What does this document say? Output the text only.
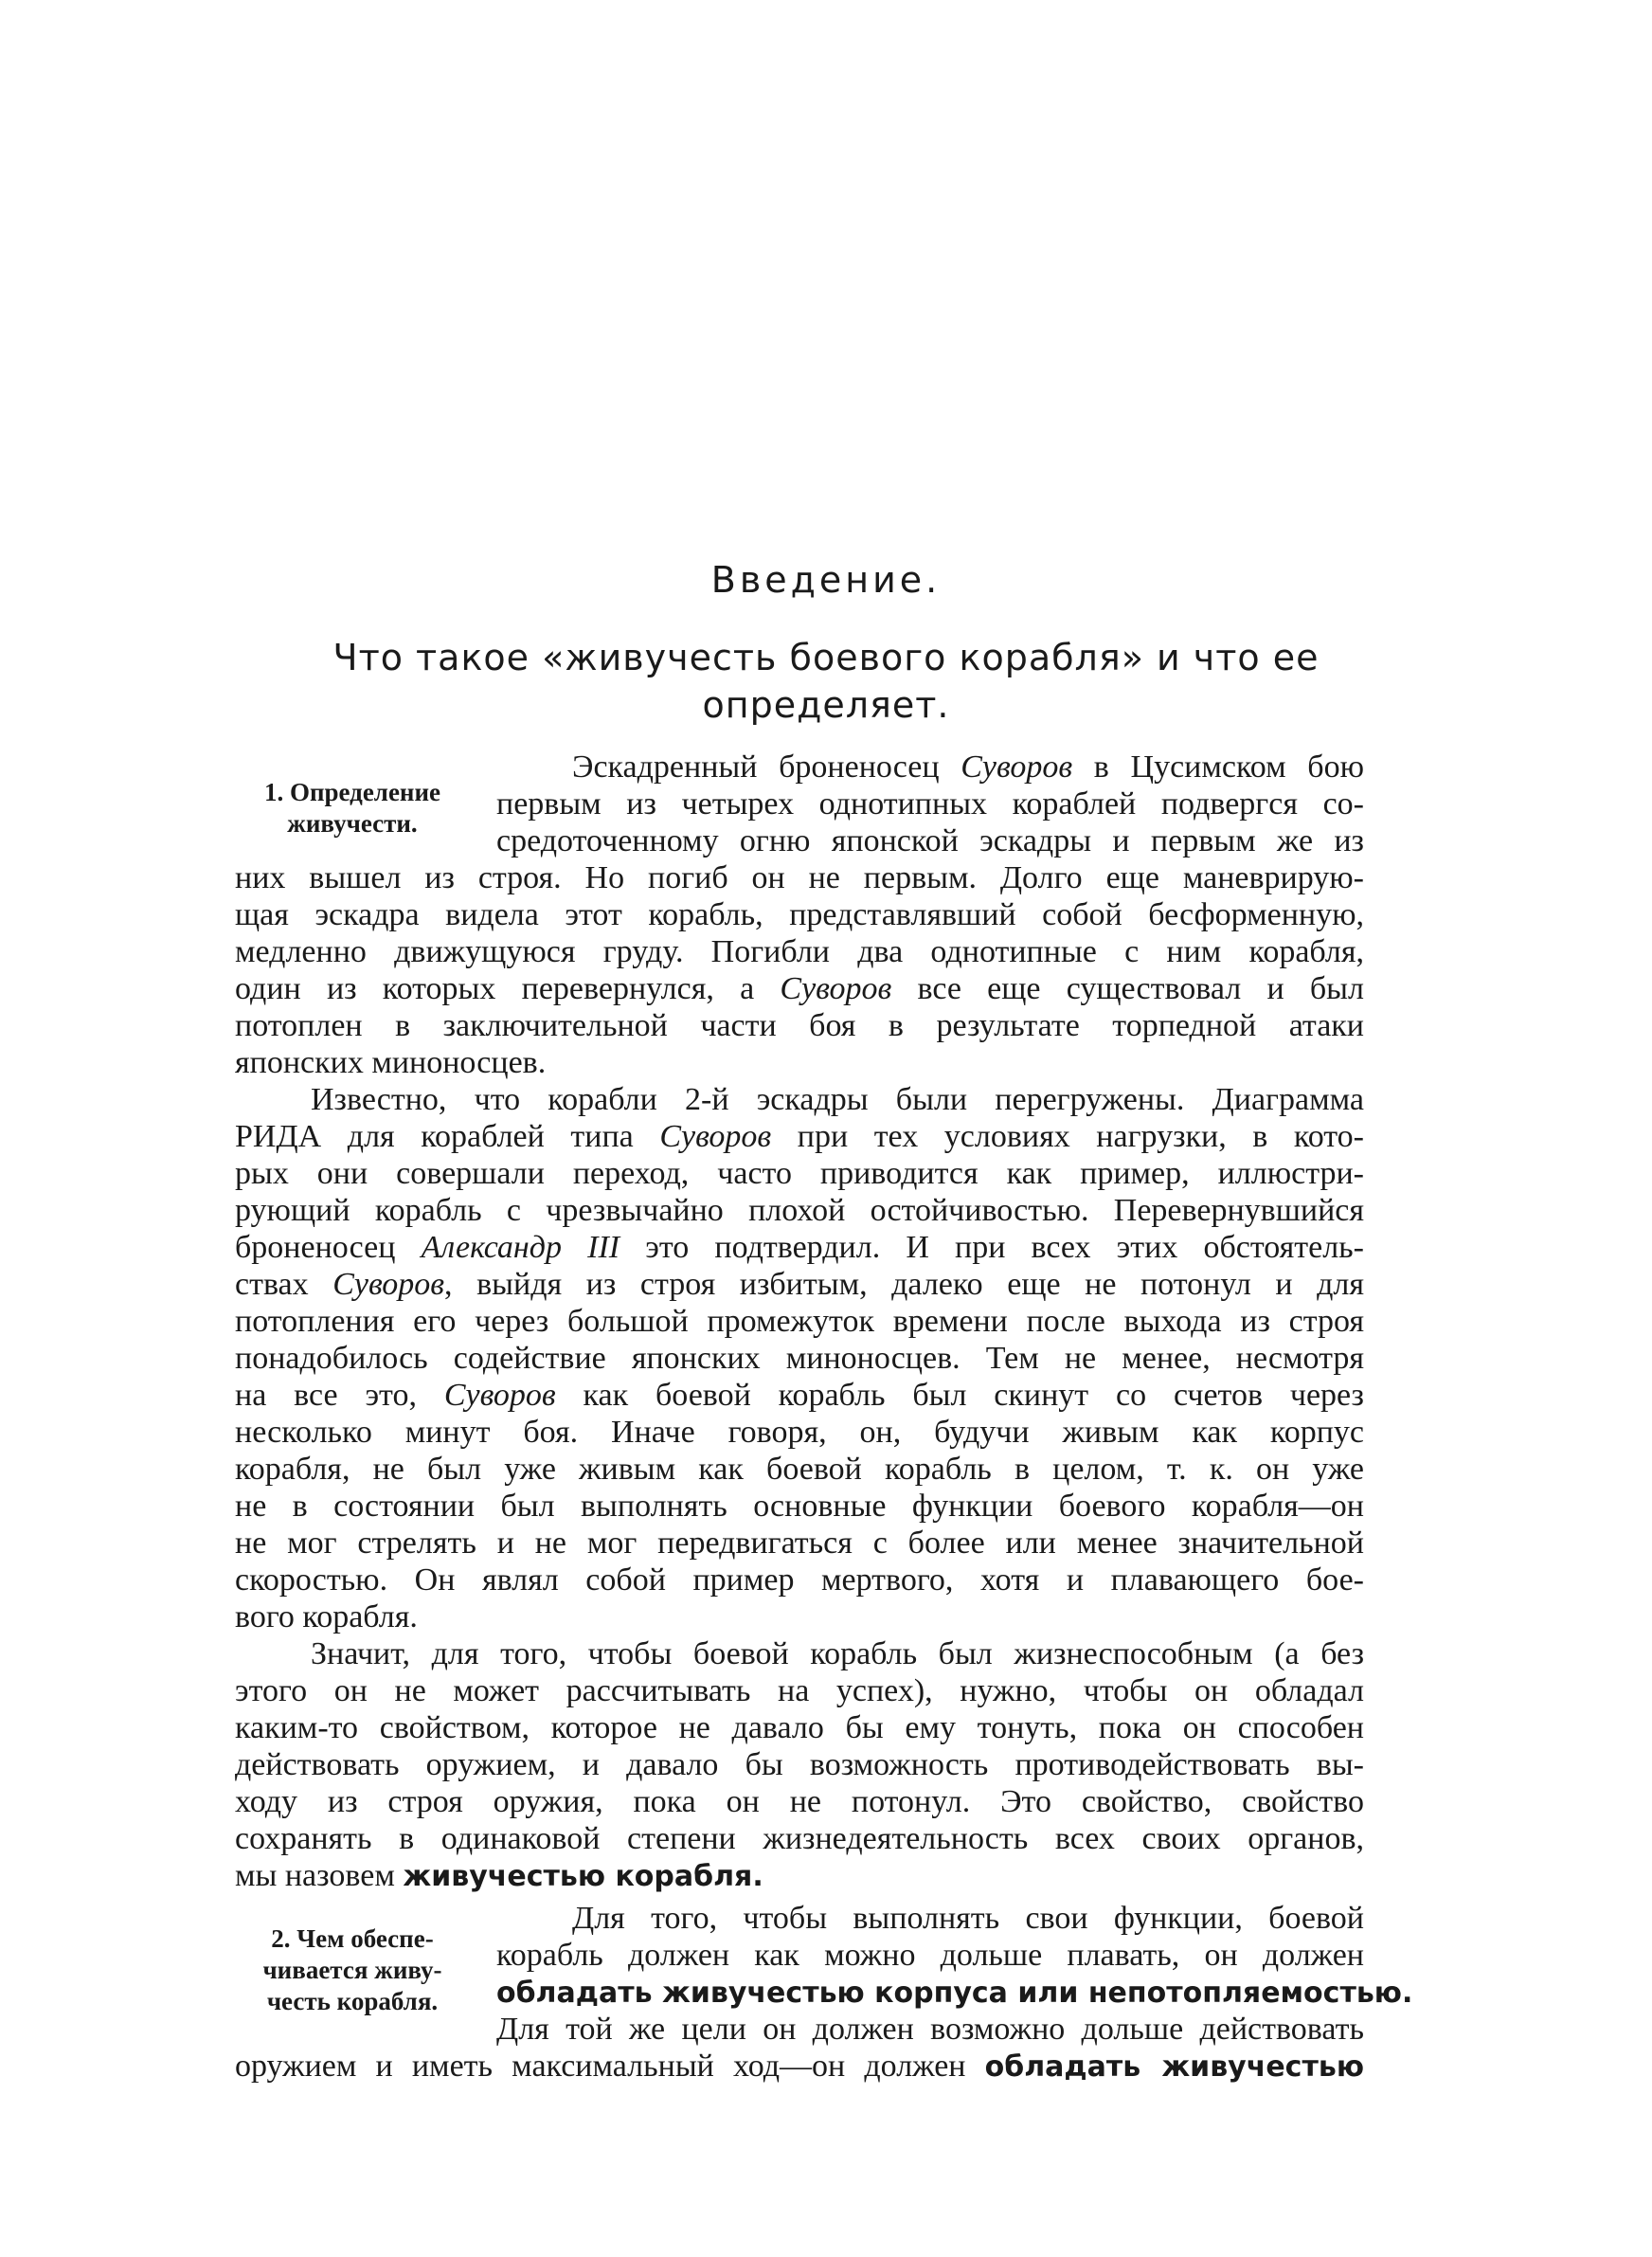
Введение.
Что такое «живучесть боевого корабля» и что ее
определяет.
1. Определение
живучести.

Эскадренный броненосец Суворов в Цусимском бою

первым из четырех однотипных кораблей подвергся со-

средоточенному огню японской эскадры и первым же из

них вышел из строя. Но погиб он не первым. Долго еще маневрирую-

щая эскадра видела этот корабль, представлявший собой бесформенную,

медленно движущуюся груду. Погибли два однотипные с ним корабля,

один из которых перевернулся, а Суворов все еще существовал и был

потоплен в заключительной части боя в результате торпедной атаки

японских миноносцев.

Известно, что корабли 2-й эскадры были перегружены. Диаграмма

РИДА для кораблей типа Суворов при тех условиях нагрузки, в кото-

рых они совершали переход, часто приводится как пример, иллюстри-

рующий корабль с чрезвычайно плохой остойчивостью. Перевернувшийся

броненосец Александр III это подтвердил. И при всех этих обстоятель-

ствах Суворов, выйдя из строя избитым, далеко еще не потонул и для

потопления его через большой промежуток времени после выхода из строя

понадобилось содействие японских миноносцев. Тем не менее, несмотря

на все это, Суворов как боевой корабль был скинут со счетов через

несколько минут боя. Иначе говоря, он, будучи живым как корпус

корабля, не был уже живым как боевой корабль в целом, т. к. он уже

не в состоянии был выполнять основные функции боевого корабля—он

не мог стрелять и не мог передвигаться с более или менее значительной

скоростью. Он являл собой пример мертвого, хотя и плавающего бое-

вого корабля.

Значит, для того, чтобы боевой корабль был жизнеспособным (а без

этого он не может рассчитывать на успех), нужно, чтобы он обладал

каким-то свойством, которое не давало бы ему тонуть, пока он способен

действовать оружием, и давало бы возможность противодействовать вы-

ходу из строя оружия, пока он не потонул. Это свойство, свойство

сохранять в одинаковой степени жизнедеятельность всех своих органов,

мы назовем живучестью корабля.

2. Чем обеспе-
чивается живу-
честь корабля.

Для того, чтобы выполнять свои функции, боевой

корабль должен как можно дольше плавать, он должен

обладать живучестью корпуса или непотопляемостью.

Для той же цели он должен возможно дольше действовать

оружием и иметь максимальный ход—он должен обладать живучестью
